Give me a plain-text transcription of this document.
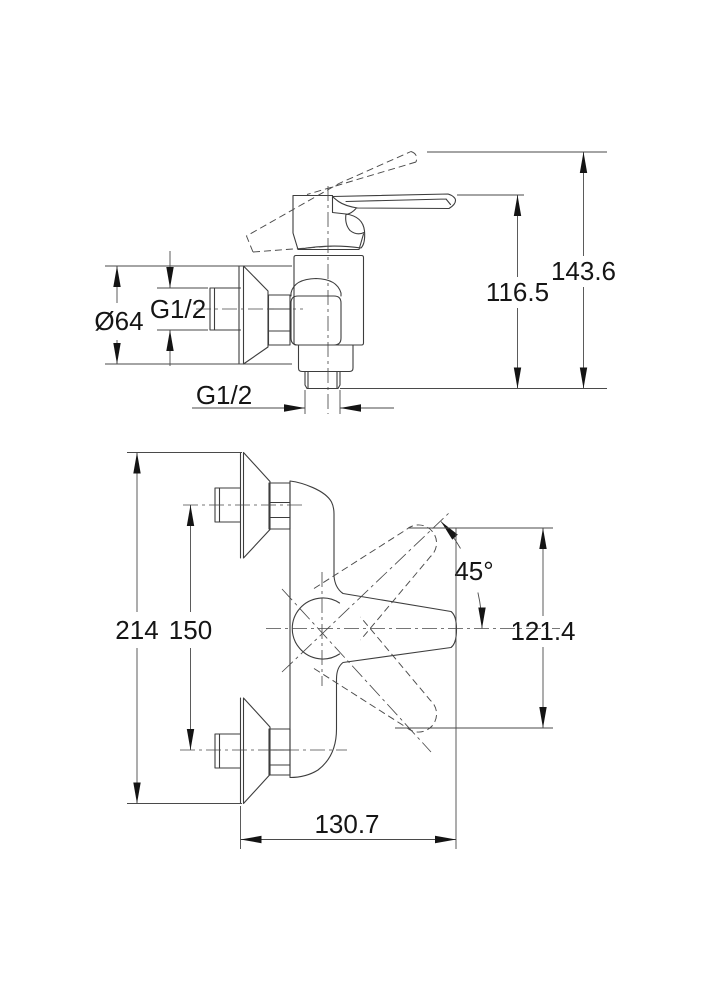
Ø64 G1/2
116.5
143.6
G1/2
214 150
45°
121.4
130.7
